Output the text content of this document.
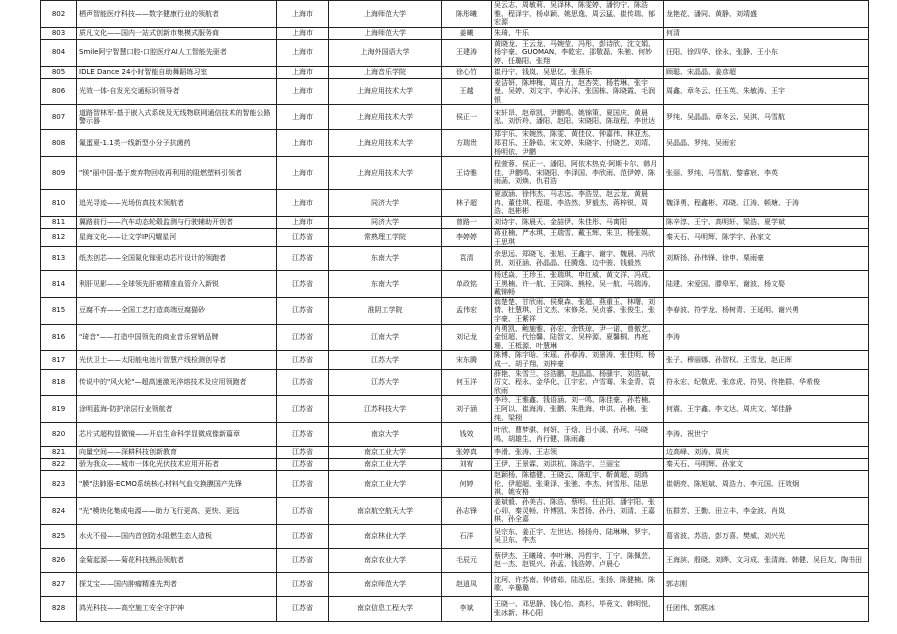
802	栖声智能医疗科技——数字健康行业的领航者	上海市	上海师范大学	陈彤曦	吴云志、周敏莉、吴泽林、陈雯婷、潘钧宁、陈浩雅、程泽宇、杨卓颖、姚思逸、周云猛、崔传瑞、郁宏源	龙艳花、潘同、黄静、刘靖盛
803	质凡文化——国内一站式创新市集模式服务商	上海市	上海师范大学	姜曦	朱琦、牛乐	何清
804	Smile阿宁智慧口腔-口腔医疗AI人工智能先驱者	上海市	上海外国语大学	王建涛	黄晓龙、王云龙、马婉莹、冯彤、彭诗欣、沈文娟、杨宇豪、GUOMAN、李乾宏、邵敬磊、朱驰、何妙婷、任璐阳、张翔	汪阳、徐四华、徐永、张静、王小东
805	IDLE Dance 24小时智能自助舞蹈练习室	上海市	上海音乐学院	徐心竹	崔丹宁、钱岚、吴思亿、张燕乐	顾聪、宋晶晶、姜彦超
806	光效一体-自发光交通标识领导者	上海市	上海应用技术大学	王越	麦洁妍、陈坤梅、周自力、赵杏笑、杨若琳、张宇曼、吴婷、刘文宇、李沁洋、张国栋、陈晓霞、毛润银	周鑫、章冬云、任玉英、朱敏涛、王宇
807	道路智林军-基于嵌入式系统及无线物联网通信技术的智能公路警示器	上海市	上海应用技术大学	侯正一	宋轩昂、赵章凯、尹鹏鸣、姚锦策、夏国庆、黄晨泓、刘忻羚、潘阳、赵阳、宋晓阳、陈瑄程、李世达	罗纯、吴晶晶、章冬云、吴淇、马雪航
808	氟蛋夏-1.1类一线新型小分子抗菌药	上海市	上海应用技术大学	方瑞贵	郑宇乐、宋婉然、陈雯、黄佳仪、钟嘉伟、林亚杰、郑君乐、王静茹、宋文婷、朱晓宇、付晓艺、刘靖、杨明依、尹鹏	吴晶晶、罗纯、吴雨宏
809	"镁"丽中国-基于废弃物回收再利用的阻燃塑料引领者	上海市	上海应用技术大学	王诗雅	程萱蓉、侯正一、潘阳、阿依木热克·阿斯卡尔、韩月佳、尹鹏鸣、宋晓阳、李泽国、李欣雨、范伊婷、陈雨菡、刘焕、仇君浩	张丽、罗纯、马雪航、黎睿宸、李英
810	追光寻迹——光场仿真技术领航者	上海市	同济大学	林子超	夏淑涵、徐伟杰、马志远、李浩昱、赵云龙、黄晨冉、董佳琪、程琨、李浩然、罗毅杰、蒋梓锐、周浩、赵彬彬	魏泽勇、程鑫彬、邓晓、江涛、顿塘、于涛
811	翼路前行——汽车动态轮毂监测与行驶辅助开创者	上海市	同济大学	曾路一	刘诗宇、陈晨天、金喆伊、朱佳彤、马寓阳	陈辛淳、王宁、高明轩、梁浩、夏学斌
812	星海文化——让文学IP闪耀星河	江苏省	常熟理工学院	李婷婷	蒋亚楠、严水琪、王瑞雪、戴玉辉、朱卫、杨张娱、王思琪	秦天石、马明辉、陈学宇、孙家文
813	纸杰创芯——全国氮化镓驱动芯片设计的领跑者	江苏省	东南大学	袁清	余思远、郑晓飞、张旭、王鑫宇、谢宇、魏晨、冯欣贤、刘亚涵、孙晶晶、任腾逸、边中骏、钱毅然	刘斯扬、孙伟锋、徐申、栗雨豪
814	利肝见影——全球领先肝癌精准血管介入新锐	江苏省	东南大学	单政铭	杨述焱、王珍玉、张瑞琪、申红威、黄文洋、冯成、王黑楠、许一航、王同陈、熊栓、吴一航、马瑞涛、戴锦畅	陆建、宋爱国、滕皋军、谢波、杨文娶
815	豆腐不弃——全国工艺打造高端豆腐猫砂	江苏省	淮阴工学院	孟伟宏	翁楚楚、甘欣雨、侯聚森、张超、燕重玉、林曙、刘倩、杜慧琪、吕文杰、宋修尧、吴贞睿、张俊生、张宇豪、王紫祥	李春波、符学龙、杨树青、王延明、谢兴勇
816	"琦音"——打造中国领先的商业音乐营销品牌	江苏省	江南大学	刘记龙	肖勇凯、鲍施雅、孙宏、余铁琼、尹一诺、曾傲艺、金恒超、代怡馨、陆智文、吴梓源、夏馨桐、冉庭珊、王柢源、叶慧琳	李涛
817	光伏卫士——太阳能电池片智慧产线检测创导者	江苏省	江苏大学	宋东腾	陈博、陈宇晗、宋瑶、孙春涛、刘景涛、张佳明、杨成一、胡子翔、刘梓豪	张子、穆丽娜、孙智权、王雪龙、赵正晖
818	传说中的"风火轮"—超高速激光淬熔技术及应用领跑者	江苏省	江苏大学	何玉洋	薛艳、朱雪兰、谷浩鹏、赵晶晶、杨骚宇、刘浩斌、厉文、程永、金华化、江宇宏、卢雪骞、朱金青、袁欣雨	符永宏、纪敬虎、张彦虎、符昊、佟艳群、华希俊
819	涂明蓝海-防护涂层行业领航者	江苏省	江苏科技大学	刘子涵	李玲、王雅鑫、钱语涵、刘一鸣、陈佳豪、孙若楠、王阿以、崔海涛、张鹏、朱胜海、申洪、孙楠、张纯、梁栩	何震、王宇鑫、李文达、周庆文、邹佳静
820	芯片式超构显微镜——开启生命科学显微成像新篇章	江苏省	南京大学	钱效	叶欣、曹梦骐、何妍、于焓、吕小溪、孙珂、马晓鸣、胡雄生、肖行健、陈雨鑫	李涛、祝世宁
821	向量空间——深耕科技创新教育	江苏省	南京工业大学	张婷真	李滑、张涛、王志领	边高峰、刘涛、周庆
822	骄为我众——城市一体化光伏技术应用开拓者	江苏省	南京工业大学	刘宥	王伊、王景霖、刘洪杭、陈浩宇、兰丽宝	秦天石、马明辉、孙家文
823	"膜"法肺器-ECMO系统核心材料气血交换膜国产先锋	江苏省	南京工业大学	何婷	赵颖杨、陈德健、王晓云、陈虹宇、靳黄超、胡鸿伦、伊超超、张秉泽、张驰、李杰、何雪彤、陆思祺、姚安格	崔朝亮、陈旭斌、周浩力、李元国、汪效炯
824	"光"模块化集成电源——助力飞行更高、更快、更远	江苏省	南京航空航天大学	孙志锋	姜斌毅、孙美吉、陈浩、蔡明、任正阳、潘宇阳、张心卯、秦灵畅、许博凯、朱晋扬、孙丹、刘清、王嘉棋、孙全嘉	伍群芳、王勤、田立丰、李金波、肖岚
825	水火不侵——国内首创防水阻燃生态人造板	江苏省	南京林业大学	石洋	吴宗东、姜正宇、左世达、杨扬舟、陆琳琳、罗宇、吴卫东、李杰	葛省波、苏浩、彭万喜、樊威、刘兴光
826	金菊起源——菊花科技熊品领航者	江苏省	南京农业大学	毛辰元	蔡伊杰、王曦琦、李叶琳、冯哲宇、丁宁、陈佩芸、赵一杰、赵锐兴、孙孟、钱浩婷、卢晨心	王海滨、殷晓、刘晔、文习成、张清海、韩健、吴巨友、陶书田
827	探艾宝——国内肿瘤精准先判者	江苏省	南京师范大学	赵逍凤	沈珂、许苏南、钟倩茹、陆泓臣、张扬、陈健楠、陈歌、辛璐璐	郭志刚
828	鸿光科技——高空施工安全守护神	江苏省	南京信息工程大学	李斌	王晓一、邓思静、钱心怡、高杉、毕竟文、韩明悦、张冰新、林心阳	任团伟、郭熙冰
